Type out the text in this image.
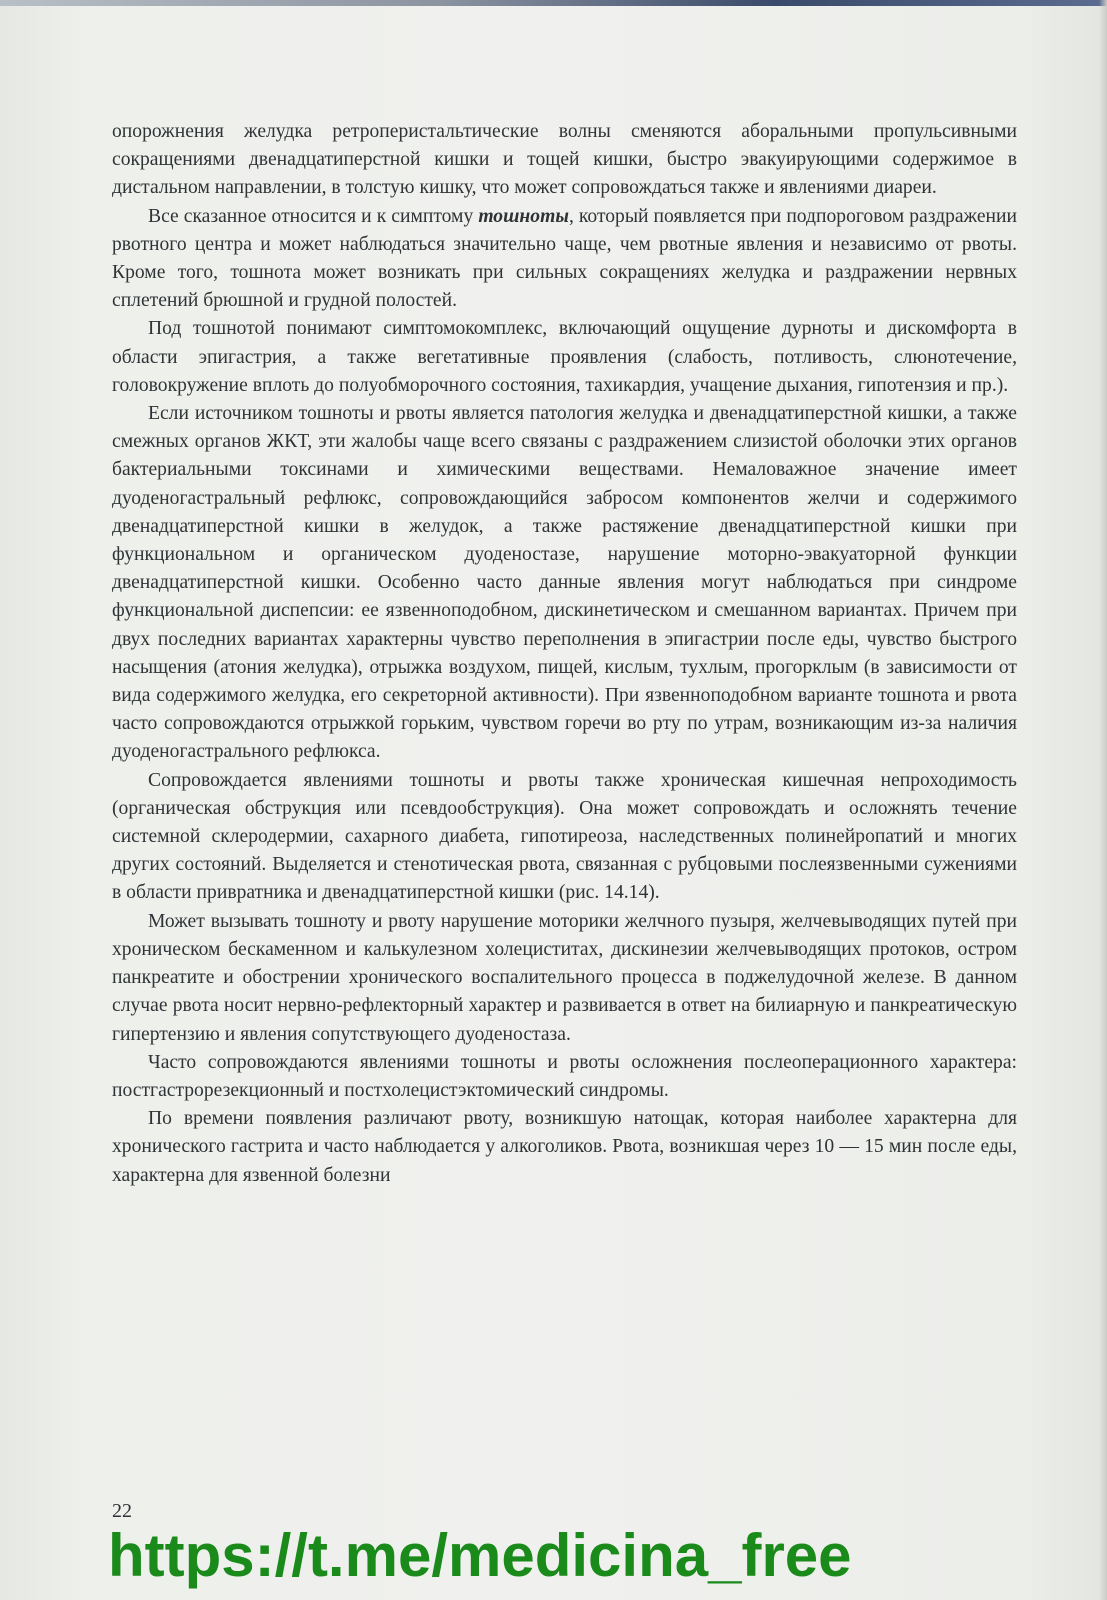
опорожнения желудка ретроперистальтические волны сменяются аборальными пропульсивными сокращениями двенадцатиперстной кишки и тощей кишки, быстро эвакуирующими содержимое в дистальном направлении, в толстую кишку, что может сопровождаться также и явлениями диареи.

Все сказанное относится и к симптому тошноты, который появляется при подпороговом раздражении рвотного центра и может наблюдаться значительно чаще, чем рвотные явления и независимо от рвоты. Кроме того, тошнота может возникать при сильных сокращениях желудка и раздражении нервных сплетений брюшной и грудной полостей.

Под тошнотой понимают симптомокомплекс, включающий ощущение дурноты и дискомфорта в области эпигастрия, а также вегетативные проявления (слабость, потливость, слюнотечение, головокружение вплоть до полуобморочного состояния, тахикардия, учащение дыхания, гипотензия и пр.).

Если источником тошноты и рвоты является патология желудка и двенадцатиперстной кишки, а также смежных органов ЖКТ, эти жалобы чаще всего связаны с раздражением слизистой оболочки этих органов бактериальными токсинами и химическими веществами. Немаловажное значение имеет дуоденогастральный рефлюкс, сопровождающийся забросом компонентов желчи и содержимого двенадцатиперстной кишки в желудок, а также растяжение двенадцатиперстной кишки при функциональном и органическом дуоденостазе, нарушение моторно-эвакуаторной функции двенадцатиперстной кишки. Особенно часто данные явления могут наблюдаться при синдроме функциональной диспепсии: ее язвенноподобном, дискинетическом и смешанном вариантах. Причем при двух последних вариантах характерны чувство переполнения в эпигастрии после еды, чувство быстрого насыщения (атония желудка), отрыжка воздухом, пищей, кислым, тухлым, прогорклым (в зависимости от вида содержимого желудка, его секреторной активности). При язвенноподобном варианте тошнота и рвота часто сопровождаются отрыжкой горьким, чувством горечи во рту по утрам, возникающим из-за наличия дуоденогастрального рефлюкса.

Сопровождается явлениями тошноты и рвоты также хроническая кишечная непроходимость (органическая обструкция или псевдообструкция). Она может сопровождать и осложнять течение системной склеродермии, сахарного диабета, гипотиреоза, наследственных полинейропатий и многих других состояний. Выделяется и стенотическая рвота, связанная с рубцовыми послеязвенными сужениями в области привратника и двенадцатиперстной кишки (рис. 14.14).

Может вызывать тошноту и рвоту нарушение моторики желчного пузыря, желчевыводящих путей при хроническом бескаменном и калькулезном холециститах, дискинезии желчевыводящих протоков, остром панкреатите и обострении хронического воспалительного процесса в поджелудочной железе. В данном случае рвота носит нервно-рефлекторный характер и развивается в ответ на билиарную и панкреатическую гипертензию и явления сопутствующего дуоденостаза.

Часто сопровождаются явлениями тошноты и рвоты осложнения послеоперационного характера: постгастрорезекционный и постхолецистэктомический синдромы.

По времени появления различают рвоту, возникшую натощак, которая наиболее характерна для хронического гастрита и часто наблюдается у алкоголиков. Рвота, возникшая через 10 — 15 мин после еды, характерна для язвенной болезни

22
https://t.me/medicina_free
